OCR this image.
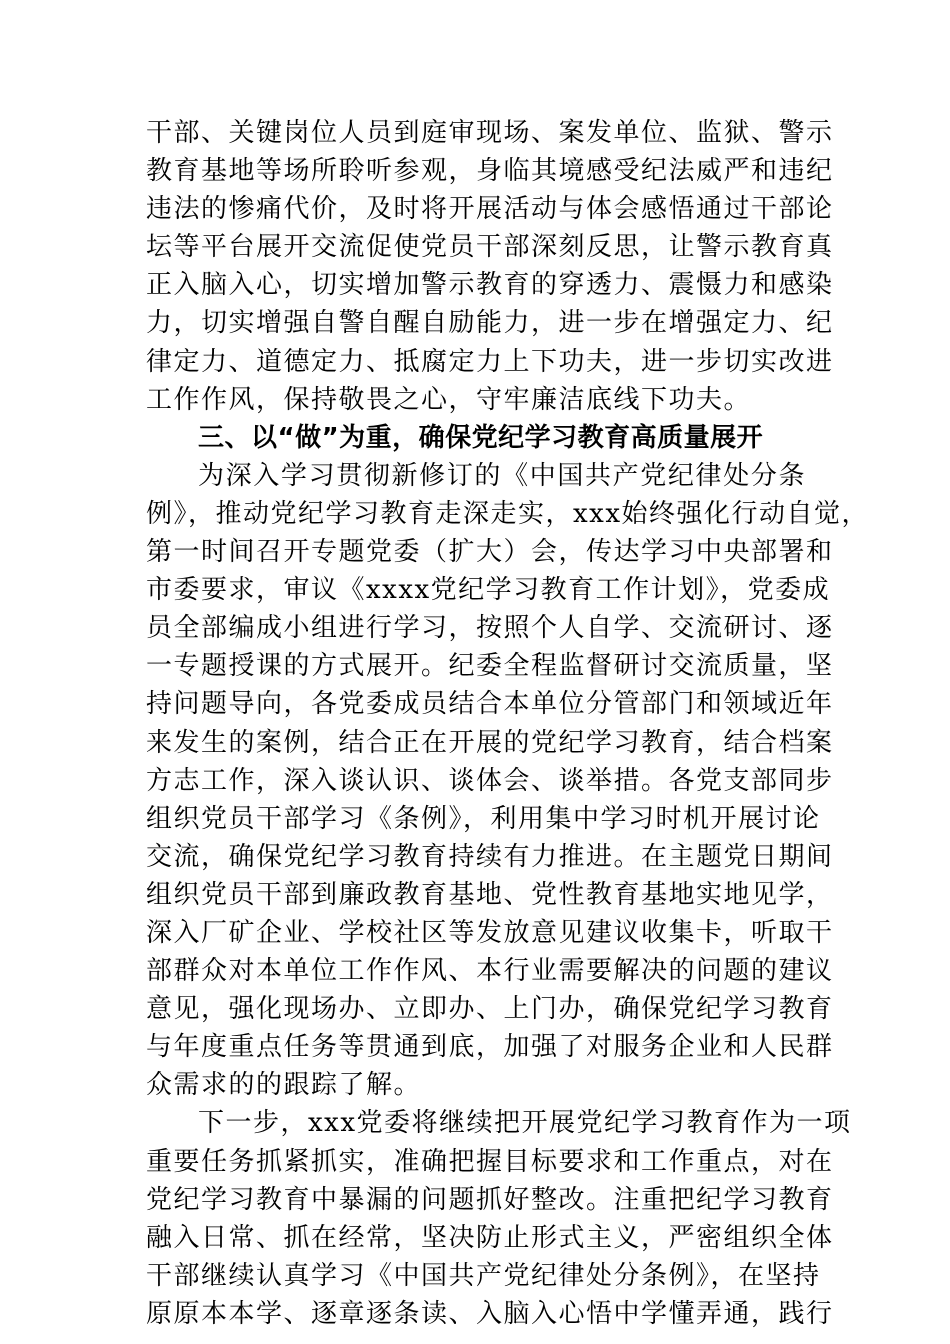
干部、关键岗位人员到庭审现场、案发单位、监狱、警示
教育基地等场所聆听参观，身临其境感受纪法威严和违纪
违法的惨痛代价，及时将开展活动与体会感悟通过干部论
坛等平台展开交流促使党员干部深刻反思，让警示教育真
正入脑入心，切实增加警示教育的穿透力、震慑力和感染
力，切实增强自警自醒自励能力，进一步在增强定力、纪
律定力、道德定力、抵腐定力上下功夫，进一步切实改进
工作作风，保持敬畏之心，守牢廉洁底线下功夫。
三、以“做”为重，确保党纪学习教育高质量展开
为深入学习贯彻新修订的《中国共产党纪律处分条
例》，推动党纪学习教育走深走实，xxx始终强化行动自觉，
第一时间召开专题党委（扩大）会，传达学习中央部署和
市委要求，审议《xxxx党纪学习教育工作计划》，党委成
员全部编成小组进行学习，按照个人自学、交流研讨、逐
一专题授课的方式展开。纪委全程监督研讨交流质量，坚
持问题导向，各党委成员结合本单位分管部门和领域近年
来发生的案例，结合正在开展的党纪学习教育，结合档案
方志工作，深入谈认识、谈体会、谈举措。各党支部同步
组织党员干部学习《条例》，利用集中学习时机开展讨论
交流，确保党纪学习教育持续有力推进。在主题党日期间
组织党员干部到廉政教育基地、党性教育基地实地见学，
深入厂矿企业、学校社区等发放意见建议收集卡，听取干
部群众对本单位工作作风、本行业需要解决的问题的建议
意见，强化现场办、立即办、上门办，确保党纪学习教育
与年度重点任务等贯通到底，加强了对服务企业和人民群
众需求的的跟踪了解。
下一步，xxx党委将继续把开展党纪学习教育作为一项
重要任务抓紧抓实，准确把握目标要求和工作重点，对在
党纪学习教育中暴漏的问题抓好整改。注重把纪学习教育
融入日常、抓在经常，坚决防止形式主义，严密组织全体
干部继续认真学习《中国共产党纪律处分条例》，在坚持
原原本本学、逐章逐条读、入脑入心悟中学懂弄通，践行
